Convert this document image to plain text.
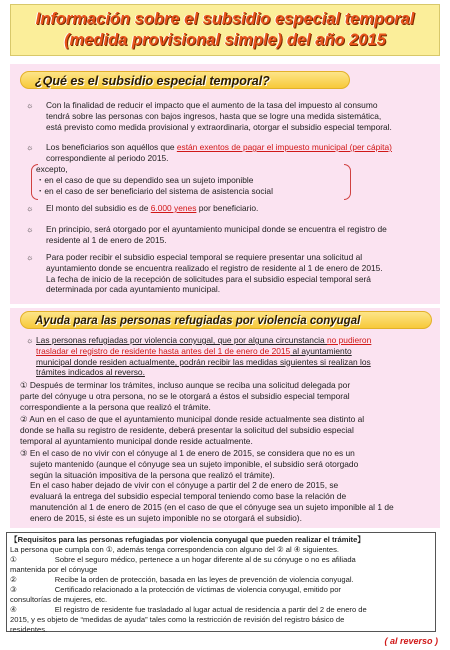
Información sobre el subsidio especial temporal
(medida provisional simple) del año 2015
¿Qué es el subsidio especial temporal?
☼ Con la finalidad de reducir el impacto que el aumento de la tasa del impuesto al consumo
tendrá sobre las personas con bajos ingresos, hasta que se logre una medida sistemática,
está previsto como medida provisional y extraordinaria, otorgar el subsidio especial temporal.
☼ Los beneficiarios son aquéllos que están exentos de pagar el impuesto municipal (per cápita)
correspondiente al periodo 2015.
excepto,
・en el caso de que su dependido sea un sujeto imponible
・en el caso de ser beneficiario del sistema de asistencia social
☼ El monto del subsidio es de 6.000 yenes por beneficiario.
☼ En principio, será otorgado por el ayuntamiento municipal donde se encuentra el registro de
residente al 1 de enero de 2015.
☼ Para poder recibir el subsidio especial temporal se requiere presentar una solicitud al
ayuntamiento donde se encuentra realizado el registro de residente al 1 de enero de 2015.
La fecha de inicio de la recepción de solicitudes para el subsidio especial temporal será
determinada por cada ayuntamiento municipal.
Ayuda para las personas refugiadas por violencia conyugal
☼ Las personas refugiadas por violencia conyugal, que por alguna circunstancia no pudieron
trasladar el registro de residente hasta antes del 1 de enero de 2015 al ayuntamiento
municipal donde residen actualmente, podrán recibir las medidas siguientes si realizan los
trámites indicados al reverso.
① Después de terminar los trámites, incluso aunque se reciba una solicitud delegada por
parte del cónyuge u otra persona, no se le otorgará a éstos el subsidio especial temporal
correspondiente a la persona que realizó el trámite.
② Aun en el caso de que el ayuntamiento municipal donde reside actualmente sea distinto al
donde se halla su registro de residente, deberá presentar la solicitud del subsidio especial
temporal al ayuntamiento municipal donde reside actualmente.
③ En el caso de no vivir con el cónyuge al 1 de enero de 2015, se considera que no es un
sujeto mantenido (aunque el cónyuge sea un sujeto imponible, el subsidio será otorgado
según la situación impositiva de la persona que realizó el trámite).
En el caso haber dejado de vivir con el cónyuge a partir del 2 de enero de 2015, se
evaluará la entrega del subsidio especial temporal teniendo como base la relación de
manutención al 1 de enero de 2015 (en el caso de que el cónyuge sea un sujeto imponible al 1 de
enero de 2015, si éste es un sujeto imponible no se otorgará el subsidio).
【Requisitos para las personas refugiadas por violencia conyugal que pueden realizar el trámite】
La persona que cumpla con ①, además tenga correspondencia con alguno del ② al ④ siguientes.
①　　　　　Sobre el seguro médico, pertenece a un hogar diferente al de su cónyuge o no es afiliada
mantenida por el cónyuge
②　　　　　Recibe la orden de protección, basada en las leyes de prevención de violencia conyugal.
③　　　　　Certificado relacionado a la protección de víctimas de violencia conyugal, emitido por
consultorías de mujeres, etc.
④　　　　　El registro de residente fue trasladado al lugar actual de residencia a partir del 2 de enero de
2015, y es objeto de “medidas de ayuda” tales como la restricción de revisión del registro básico de
residentes.
( al reverso )
